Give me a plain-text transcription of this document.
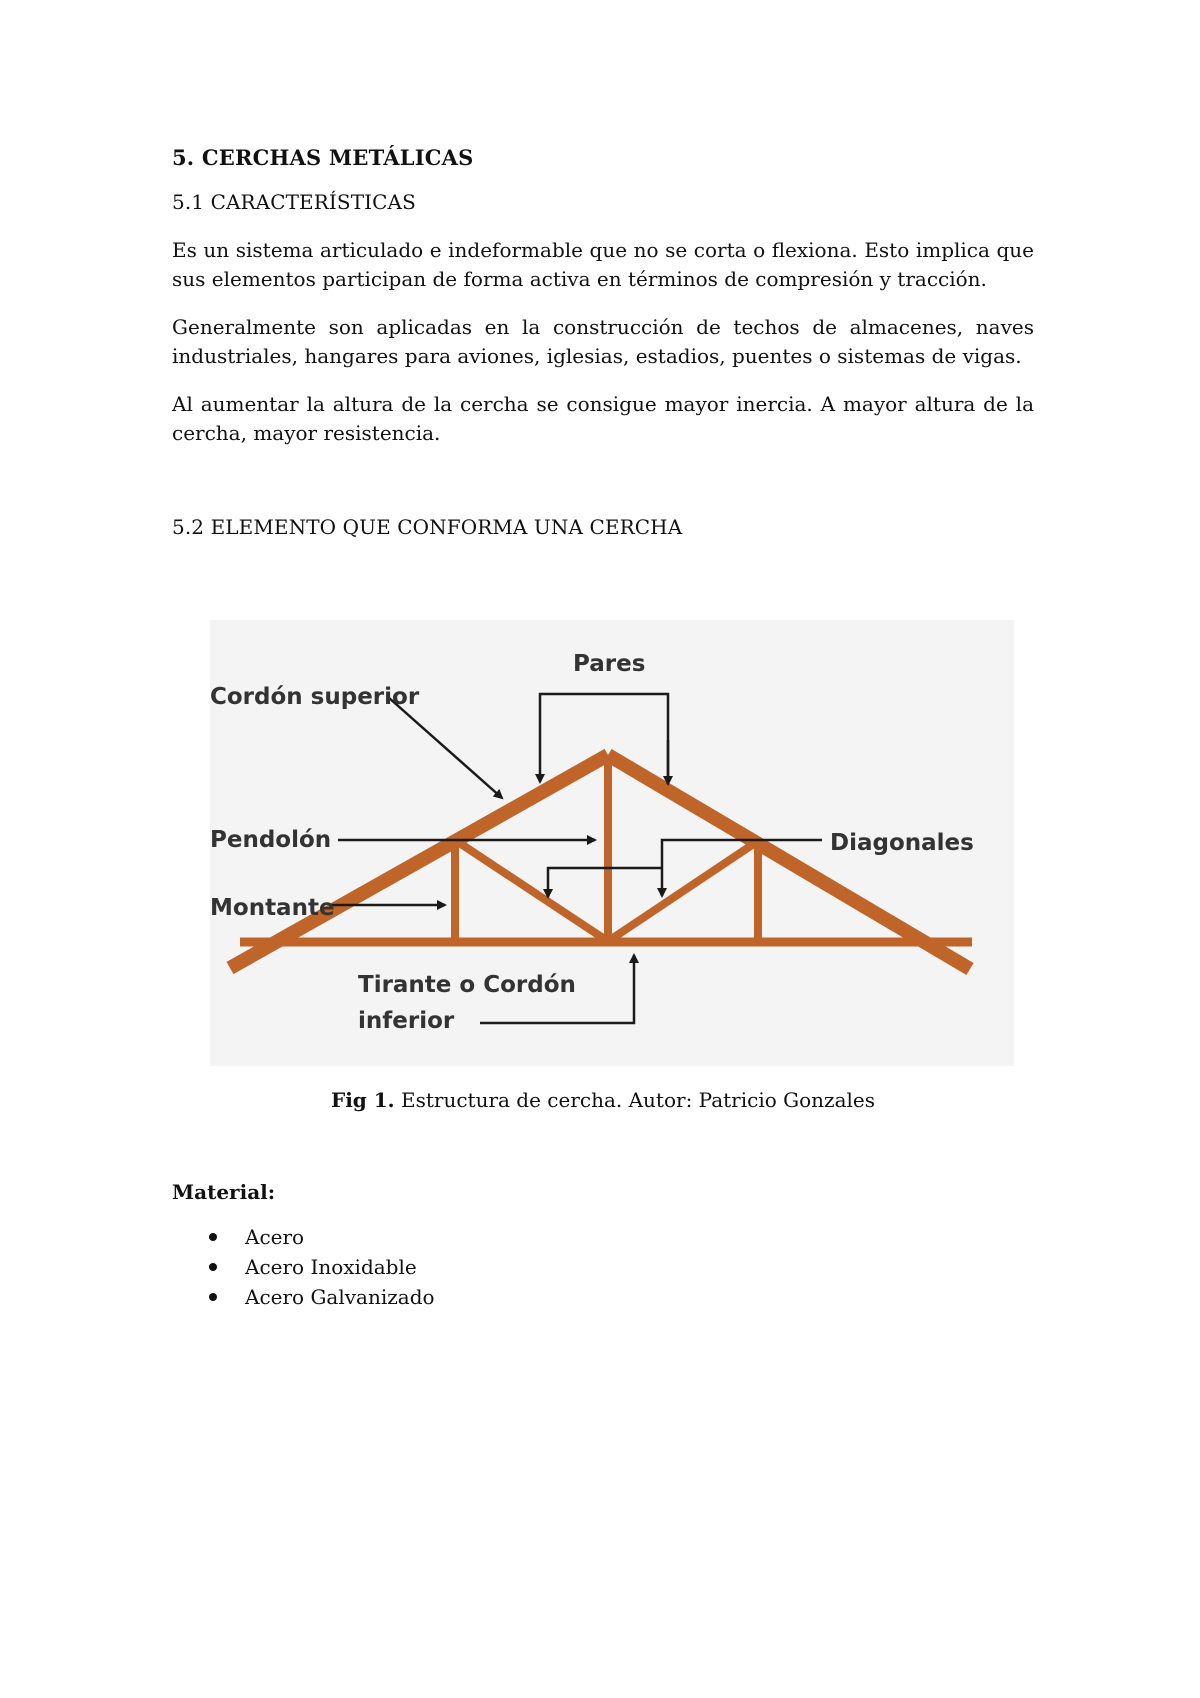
5. CERCHAS METÁLICAS

5.1 CARACTERÍSTICAS

Es un sistema articulado e indeformable que no se corta o flexiona. Esto implica que sus elementos participan de forma activa en términos de compresión y tracción.

Generalmente son aplicadas en la construcción de techos de almacenes, naves industriales, hangares para aviones, iglesias, estadios, puentes o sistemas de vigas.

Al aumentar la altura de la cercha se consigue mayor inercia. A mayor altura de la cercha, mayor resistencia.

5.2 ELEMENTO QUE CONFORMA UNA CERCHA

Pares
Cordón superior
Pendolón
Montante
Diagonales
Tirante o Cordón
inferior

Fig 1. Estructura de cercha. Autor: Patricio Gonzales

Material:

Acero
Acero Inoxidable
Acero Galvanizado
